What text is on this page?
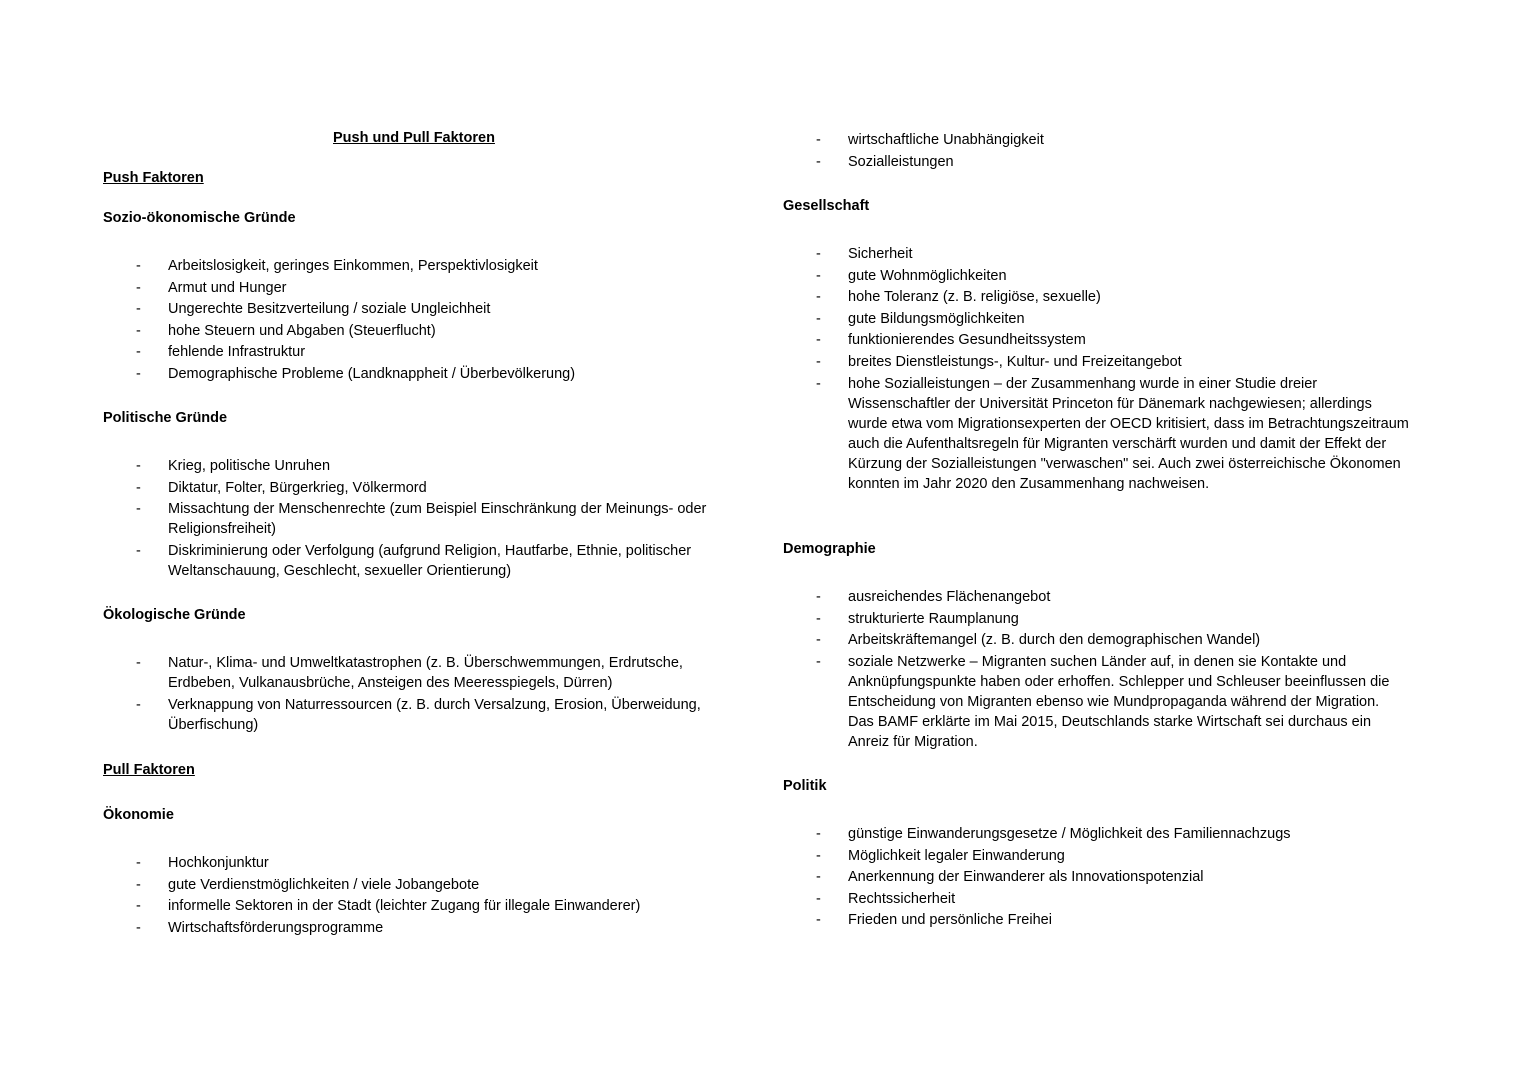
Push und Pull Faktoren
Push Faktoren
Sozio-ökonomische Gründe
- Arbeitslosigkeit, geringes Einkommen, Perspektivlosigkeit
- Armut und Hunger
- Ungerechte Besitzverteilung / soziale Ungleichheit
- hohe Steuern und Abgaben (Steuerflucht)
- fehlende Infrastruktur
- Demographische Probleme (Landknappheit / Überbevölkerung)
Politische Gründe
- Krieg, politische Unruhen
- Diktatur, Folter, Bürgerkrieg, Völkermord
- Missachtung der Menschenrechte (zum Beispiel Einschränkung der Meinungs- oder Religionsfreiheit)
- Diskriminierung oder Verfolgung (aufgrund Religion, Hautfarbe, Ethnie, politischer Weltanschauung, Geschlecht, sexueller Orientierung)
Ökologische Gründe
- Natur-, Klima- und Umweltkatastrophen (z. B. Überschwemmungen, Erdrutsche, Erdbeben, Vulkanausbrüche, Ansteigen des Meeresspiegels, Dürren)
- Verknappung von Naturressourcen (z. B. durch Versalzung, Erosion, Überweidung, Überfischung)
Pull Faktoren
Ökonomie
- Hochkonjunktur
- gute Verdienstmöglichkeiten / viele Jobangebote
- informelle Sektoren in der Stadt (leichter Zugang für illegale Einwanderer)
- Wirtschaftsförderungsprogramme
- wirtschaftliche Unabhängigkeit
- Sozialleistungen
Gesellschaft
- Sicherheit
- gute Wohnmöglichkeiten
- hohe Toleranz (z. B. religiöse, sexuelle)
- gute Bildungsmöglichkeiten
- funktionierendes Gesundheitssystem
- breites Dienstleistungs-, Kultur- und Freizeitangebot
- hohe Sozialleistungen – der Zusammenhang wurde in einer Studie dreier Wissenschaftler der Universität Princeton für Dänemark nachgewiesen; allerdings wurde etwa vom Migrationsexperten der OECD kritisiert, dass im Betrachtungszeitraum auch die Aufenthaltsregeln für Migranten verschärft wurden und damit der Effekt der Kürzung der Sozialleistungen "verwaschen" sei. Auch zwei österreichische Ökonomen konnten im Jahr 2020 den Zusammenhang nachweisen.
Demographie
- ausreichendes Flächenangebot
- strukturierte Raumplanung
- Arbeitskräftemangel (z. B. durch den demographischen Wandel)
- soziale Netzwerke – Migranten suchen Länder auf, in denen sie Kontakte und Anknüpfungspunkte haben oder erhoffen. Schlepper und Schleuser beeinflussen die Entscheidung von Migranten ebenso wie Mundpropaganda während der Migration. Das BAMF erklärte im Mai 2015, Deutschlands starke Wirtschaft sei durchaus ein Anreiz für Migration.
Politik
- günstige Einwanderungsgesetze / Möglichkeit des Familiennachzugs
- Möglichkeit legaler Einwanderung
- Anerkennung der Einwanderer als Innovationspotenzial
- Rechtssicherheit
- Frieden und persönliche Freihei
